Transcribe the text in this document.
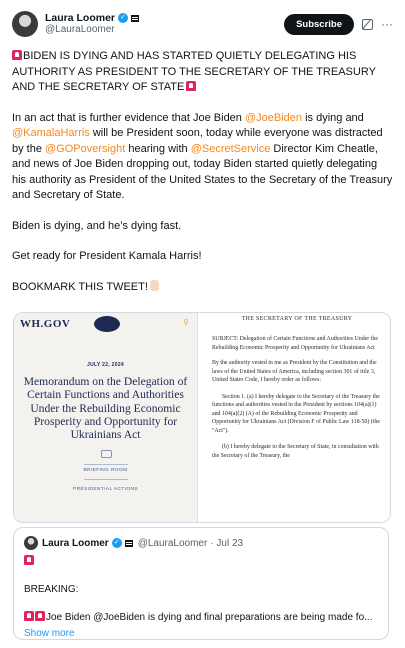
Laura Loomer ✓
@LauraLoomer	Subscribe	···

BIDEN IS DYING AND HAS STARTED QUIETLY DELEGATING HIS AUTHORITY AS PRESIDENT TO THE SECRETARY OF THE TREASURY AND THE SECRETARY OF STATE

In an act that is further evidence that Joe Biden @JoeBiden is dying and @KamalaHarris will be President soon, today while everyone was distracted by the @GOPoversight hearing with @SecretService Director Kim Cheatle, and news of Joe Biden dropping out, today Biden started quietly delegating his authority as President of the United States to the Secretary of the Treasury and Secretary of State.

Biden is dying, and he’s dying fast.

Get ready for President Kamala Harris!

BOOKMARK THIS TWEET!

WH.GOV	⚲
JULY 22, 2024
Memorandum on the Delegation of Certain Functions and Authorities Under the Rebuilding Economic Prosperity and Opportunity for Ukrainians Act
BRIEFING ROOM
PRESIDENTIAL ACTIONS
THE SECRETARY OF THE TREASURY
SUBJECT: Delegation of Certain Functions and Authorities Under the Rebuilding Economic Prosperity and Opportunity for Ukrainians Act
By the authority vested in me as President by the Constitution and the laws of the United States of America, including section 301 of title 3, United States Code, I hereby order as follows:
Section 1. (a) I hereby delegate to the Secretary of the Treasury the functions and authorities vested in the President by sections 104(a)(1) and 104(a)(2) (A) of the Rebuilding Economic Prosperity and Opportunity for Ukrainians Act (Division F of Public Law 118-50) (the "Act").
(b) I hereby delegate to the Secretary of State, in consultation with the Secretary of the Treasury, the
Laura Loomer ✓ @LauraLoomer · Jul 23

BREAKING:

Joe Biden @JoeBiden is dying and final preparations are being made fo...

Show more
